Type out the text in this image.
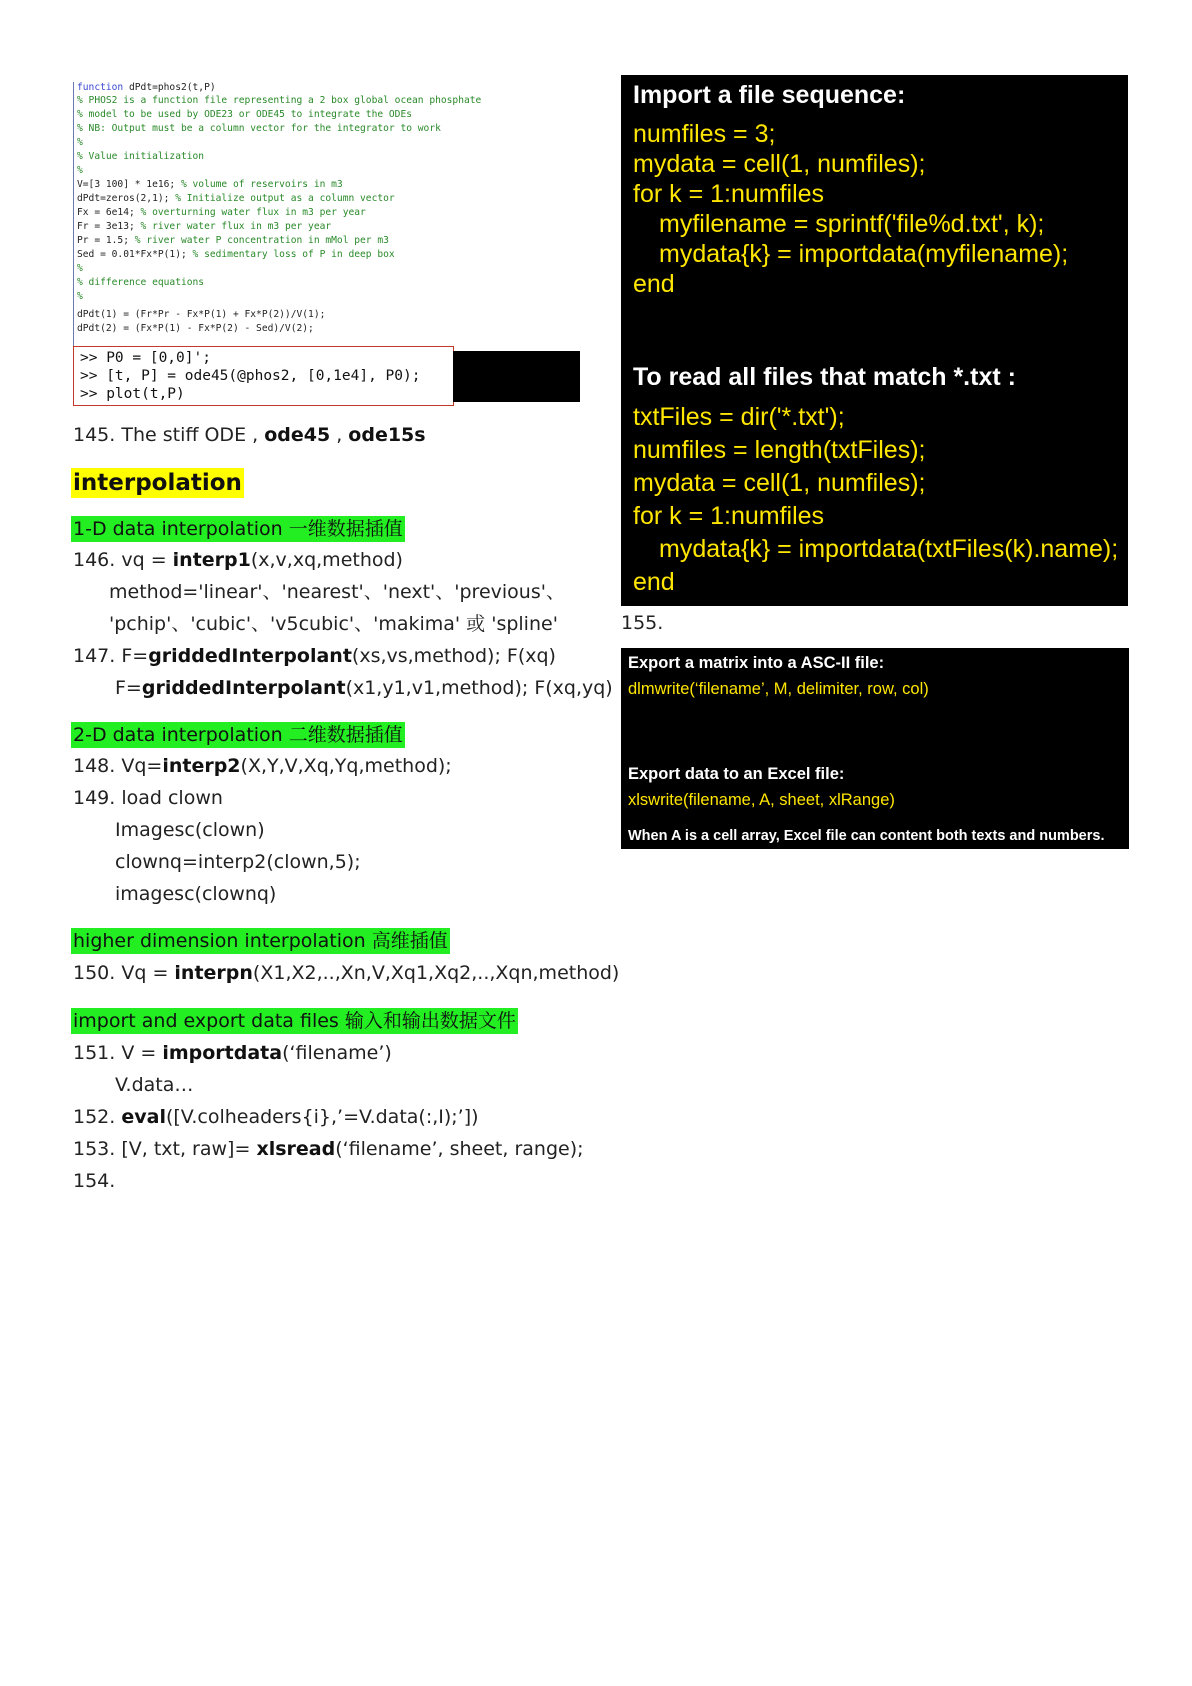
function dPdt=phos2(t,P)
% PHOS2 is a function file representing a 2 box global ocean phosphate
% model to be used by ODE23 or ODE45 to integrate the ODEs
% NB: Output must be a column vector for the integrator to work
%
% Value initialization
%
V=[3 100] * 1e16; % volume of reservoirs in m3
dPdt=zeros(2,1); % Initialize output as a column vector
Fx = 6e14; % overturning water flux in m3 per year
Fr = 3e13; % river water flux in m3 per year
Pr = 1.5; % river water P concentration in mMol per m3
Sed = 0.01*Fx*P(1); % sedimentary loss of P in deep box
%
% difference equations
%
dPdt(1) = (Fr*Pr - Fx*P(1) + Fx*P(2))/V(1);
dPdt(2) = (Fx*P(1) - Fx*P(2) - Sed)/V(2);
>> P0 = [0,0]';
>> [t, P] = ode45(@phos2, [0,1e4], P0);
>> plot(t,P)
145. The stiff ODE , ode45 , ode15s
interpolation
1-D data interpolation 一维数据插值
146. vq = interp1(x,v,xq,method)
method='linear'、'nearest'、'next'、'previous'、
'pchip'、'cubic'、'v5cubic'、'makima' 或 'spline'
147. F=griddedInterpolant(xs,vs,method); F(xq)
F=griddedInterpolant(x1,y1,v1,method); F(xq,yq)
2-D data interpolation 二维数据插值
148. Vq=interp2(X,Y,V,Xq,Yq,method);
149. load clown
Imagesc(clown)
clownq=interp2(clown,5);
imagesc(clownq)
higher dimension interpolation 高维插值
150. Vq = interpn(X1,X2,..,Xn,V,Xq1,Xq2,..,Xqn,method)
import and export data files 输入和输出数据文件
151. V = importdata(‘filename’)
V.data…
152. eval([V.colheaders{i},’=V.data(:,I);’])
153. [V, txt, raw]= xlsread(‘filename’, sheet, range);
154.
Import a file sequence:
numfiles = 3;
mydata = cell(1, numfiles);
for k = 1:numfiles
myfilename = sprintf('file%d.txt', k);
mydata{k} = importdata(myfilename);
end
To read all files that match *.txt :
txtFiles = dir('*.txt');
numfiles = length(txtFiles);
mydata = cell(1, numfiles);
for k = 1:numfiles
mydata{k} = importdata(txtFiles(k).name);
end
155.
Export a matrix into a ASC-II file:
dlmwrite(‘filename’, M, delimiter, row, col)
Export data to an Excel file:
xlswrite(filename, A, sheet, xlRange)
When A is a cell array, Excel file can content both texts and numbers.
